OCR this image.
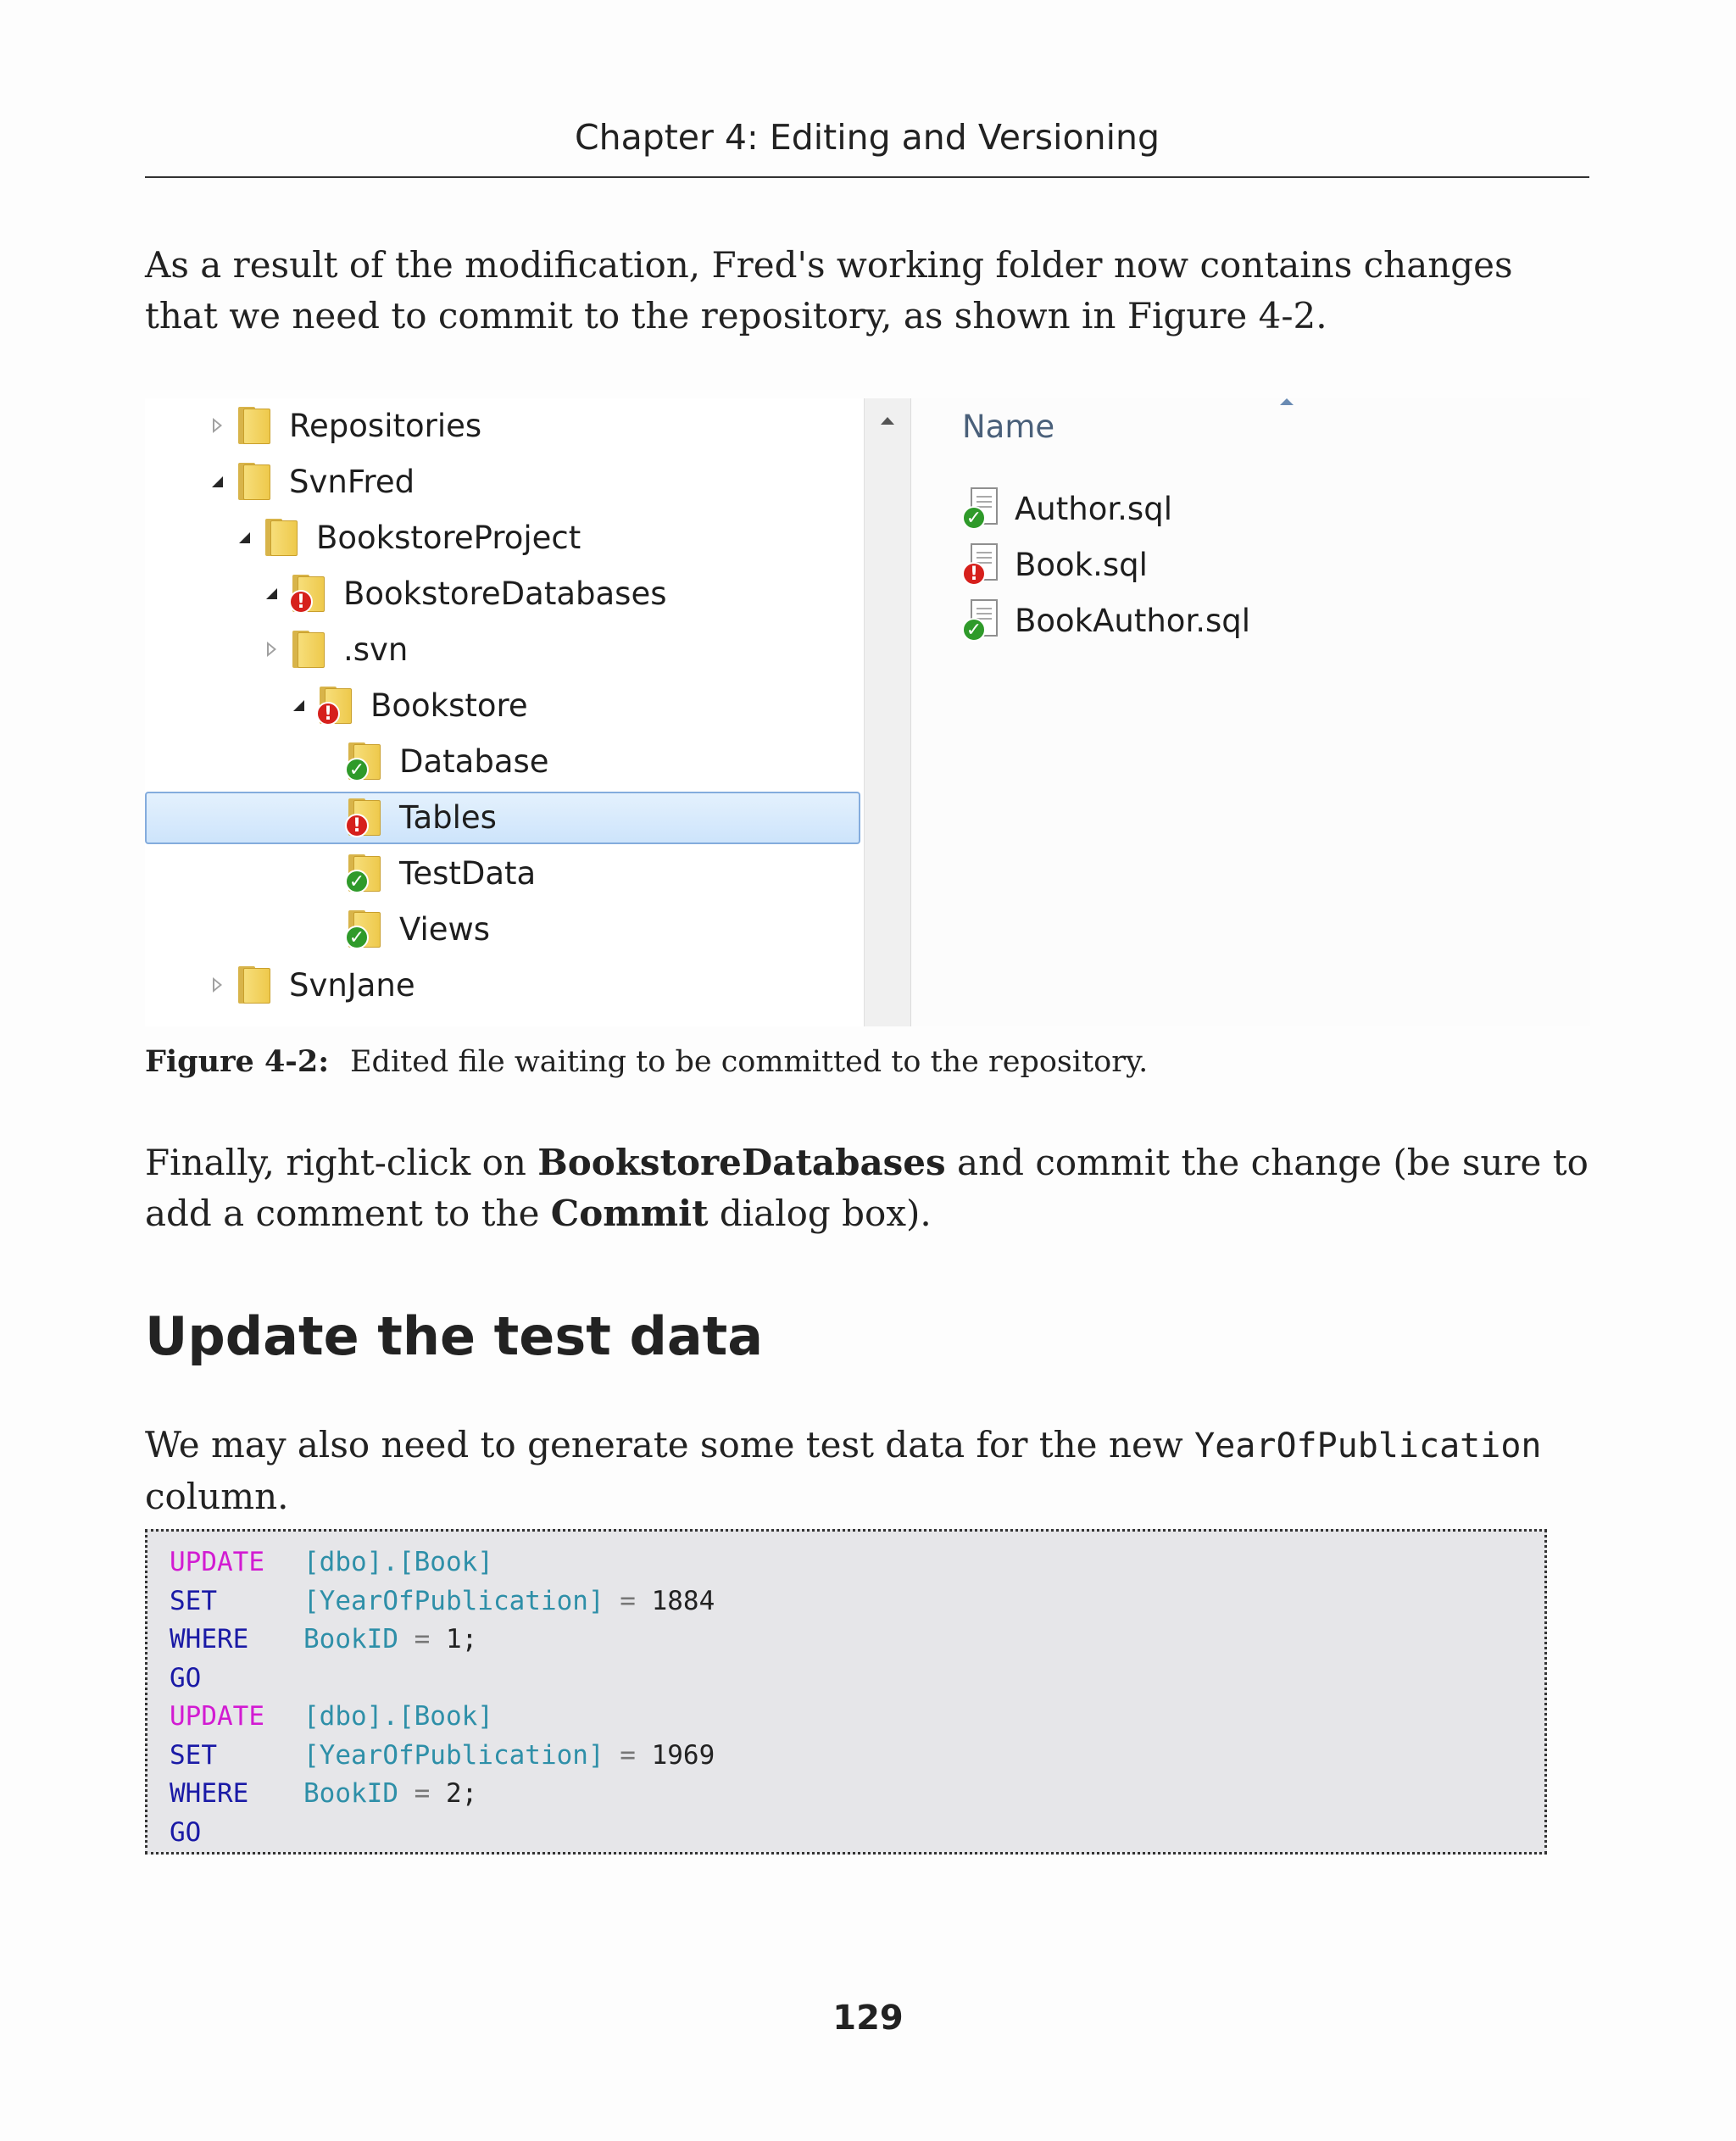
Chapter 4: Editing and Versioning

As a result of the modification, Fred's working folder now contains changes that we need to commit to the repository, as shown in Figure 4-2.

Repositories
SvnFred
BookstoreProject
! BookstoreDatabases
.svn
! Bookstore
✓ Database
! Tables
✓ TestData
✓ Views
SvnJane
Name
✓ Author.sql
! Book.sql
✓ BookAuthor.sql
Figure 4-2: Edited file waiting to be committed to the repository.

Finally, right-click on BookstoreDatabases and commit the change (be sure to add a comment to the Commit dialog box).

Update the test data

We may also need to generate some test data for the new YearOfPublication column.

UPDATE [dbo].[Book]
SET	[YearOfPublication] = 1884
WHERE BookID = 1;
GO
UPDATE [dbo].[Book]
SET	[YearOfPublication] = 1969
WHERE BookID = 2;
GO
129
